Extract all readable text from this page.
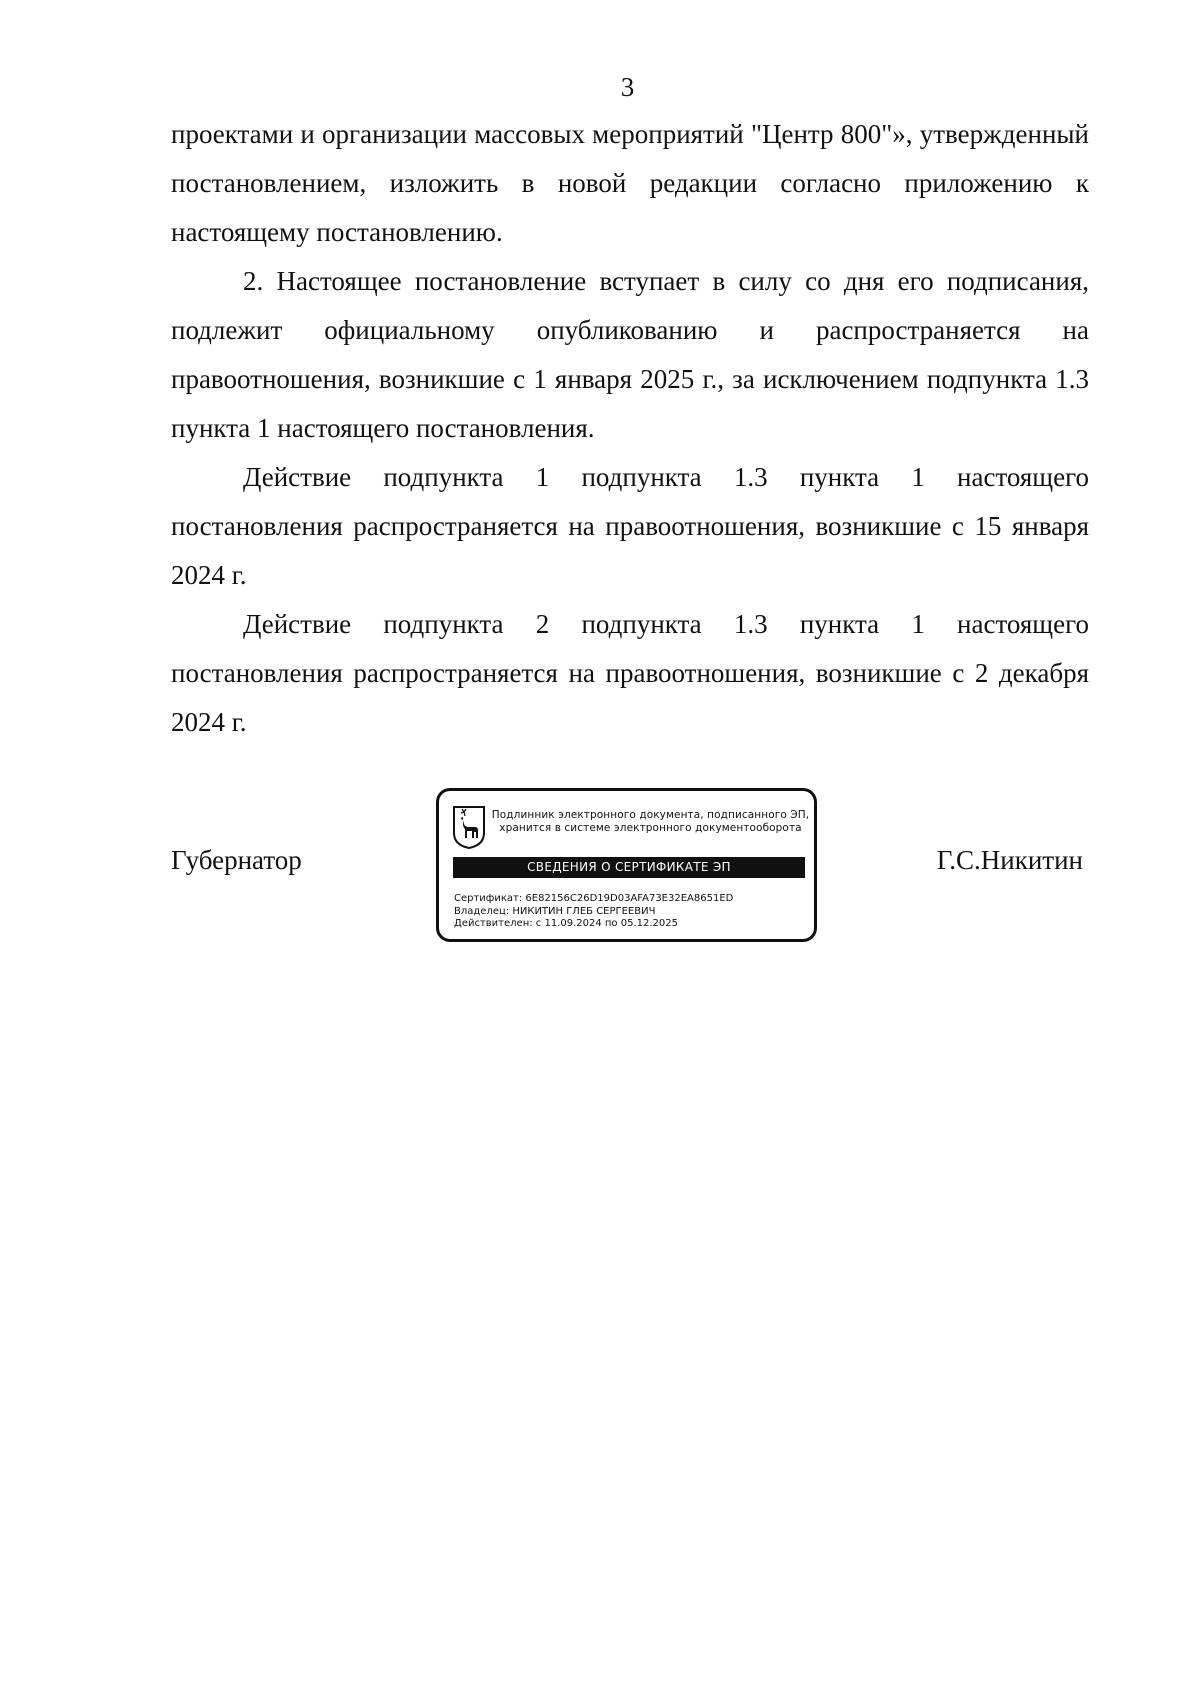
3

проектами и организации массовых мероприятий "Центр 800"», утвержденный постановлением, изложить в новой редакции согласно приложению к настоящему постановлению.

2. Настоящее постановление вступает в силу со дня его подписания, подлежит официальному опубликованию и распространяется на правоотношения, возникшие с 1 января 2025 г., за исключением подпункта 1.3 пункта 1 настоящего постановления.

Действие подпункта 1 подпункта 1.3 пункта 1 настоящего постановления распространяется на правоотношения, возникшие с 15 января 2024 г.

Действие подпункта 2 подпункта 1.3 пункта 1 настоящего постановления распространяется на правоотношения, возникшие с 2 декабря 2024 г.

Губернатор	Г.С.Никитин
Подлинник электронного документа, подписанного ЭП,
хранится в системе электронного документооборота
СВЕДЕНИЯ О СЕРТИФИКАТЕ ЭП
Сертификат: 6E82156C26D19D03AFA73E32EA8651ED
Владелец: НИКИТИН ГЛЕБ СЕРГЕЕВИЧ
Действителен: с 11.09.2024 по 05.12.2025
